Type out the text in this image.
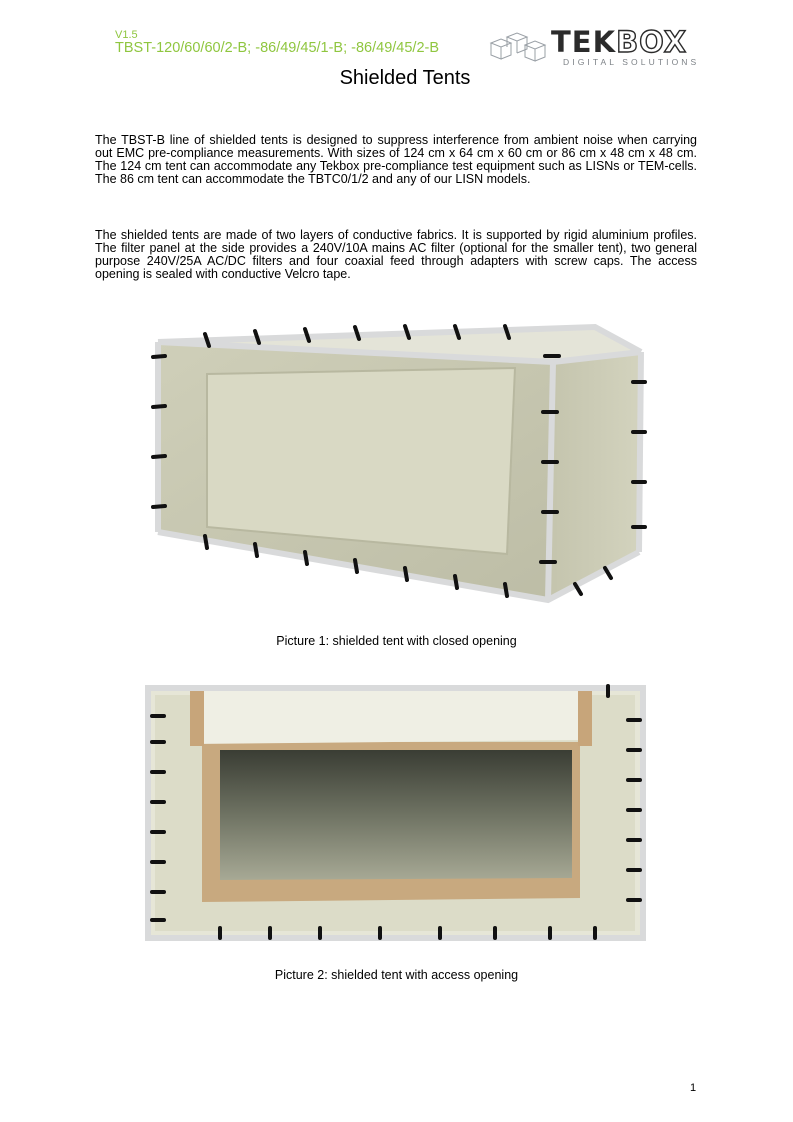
V1.5
TBST-120/60/60/2-B; -86/49/45/1-B; -86/49/45/2-B	TEKBOX
DIGITAL SOLUTIONS
Shielded Tents

The TBST-B line of shielded tents is designed to suppress interference from ambient noise when carrying out EMC pre-compliance measurements. With sizes of 124 cm x 64 cm x 60 cm or 86 cm x 48 cm x 48 cm. The 124 cm tent can accommodate any Tekbox pre-compliance test equipment such as LISNs or TEM-cells. The 86 cm tent can accommodate the TBTC0/1/2 and any of our LISN models.

The shielded tents are made of two layers of conductive fabrics. It is supported by rigid aluminium profiles. The filter panel at the side provides a 240V/10A mains AC filter (optional for the smaller tent), two general purpose 240V/25A AC/DC filters and four coaxial feed through adapters with screw caps. The access opening is sealed with conductive Velcro tape.

Picture 1: shielded tent with closed opening
Picture 2: shielded tent with access opening
1
